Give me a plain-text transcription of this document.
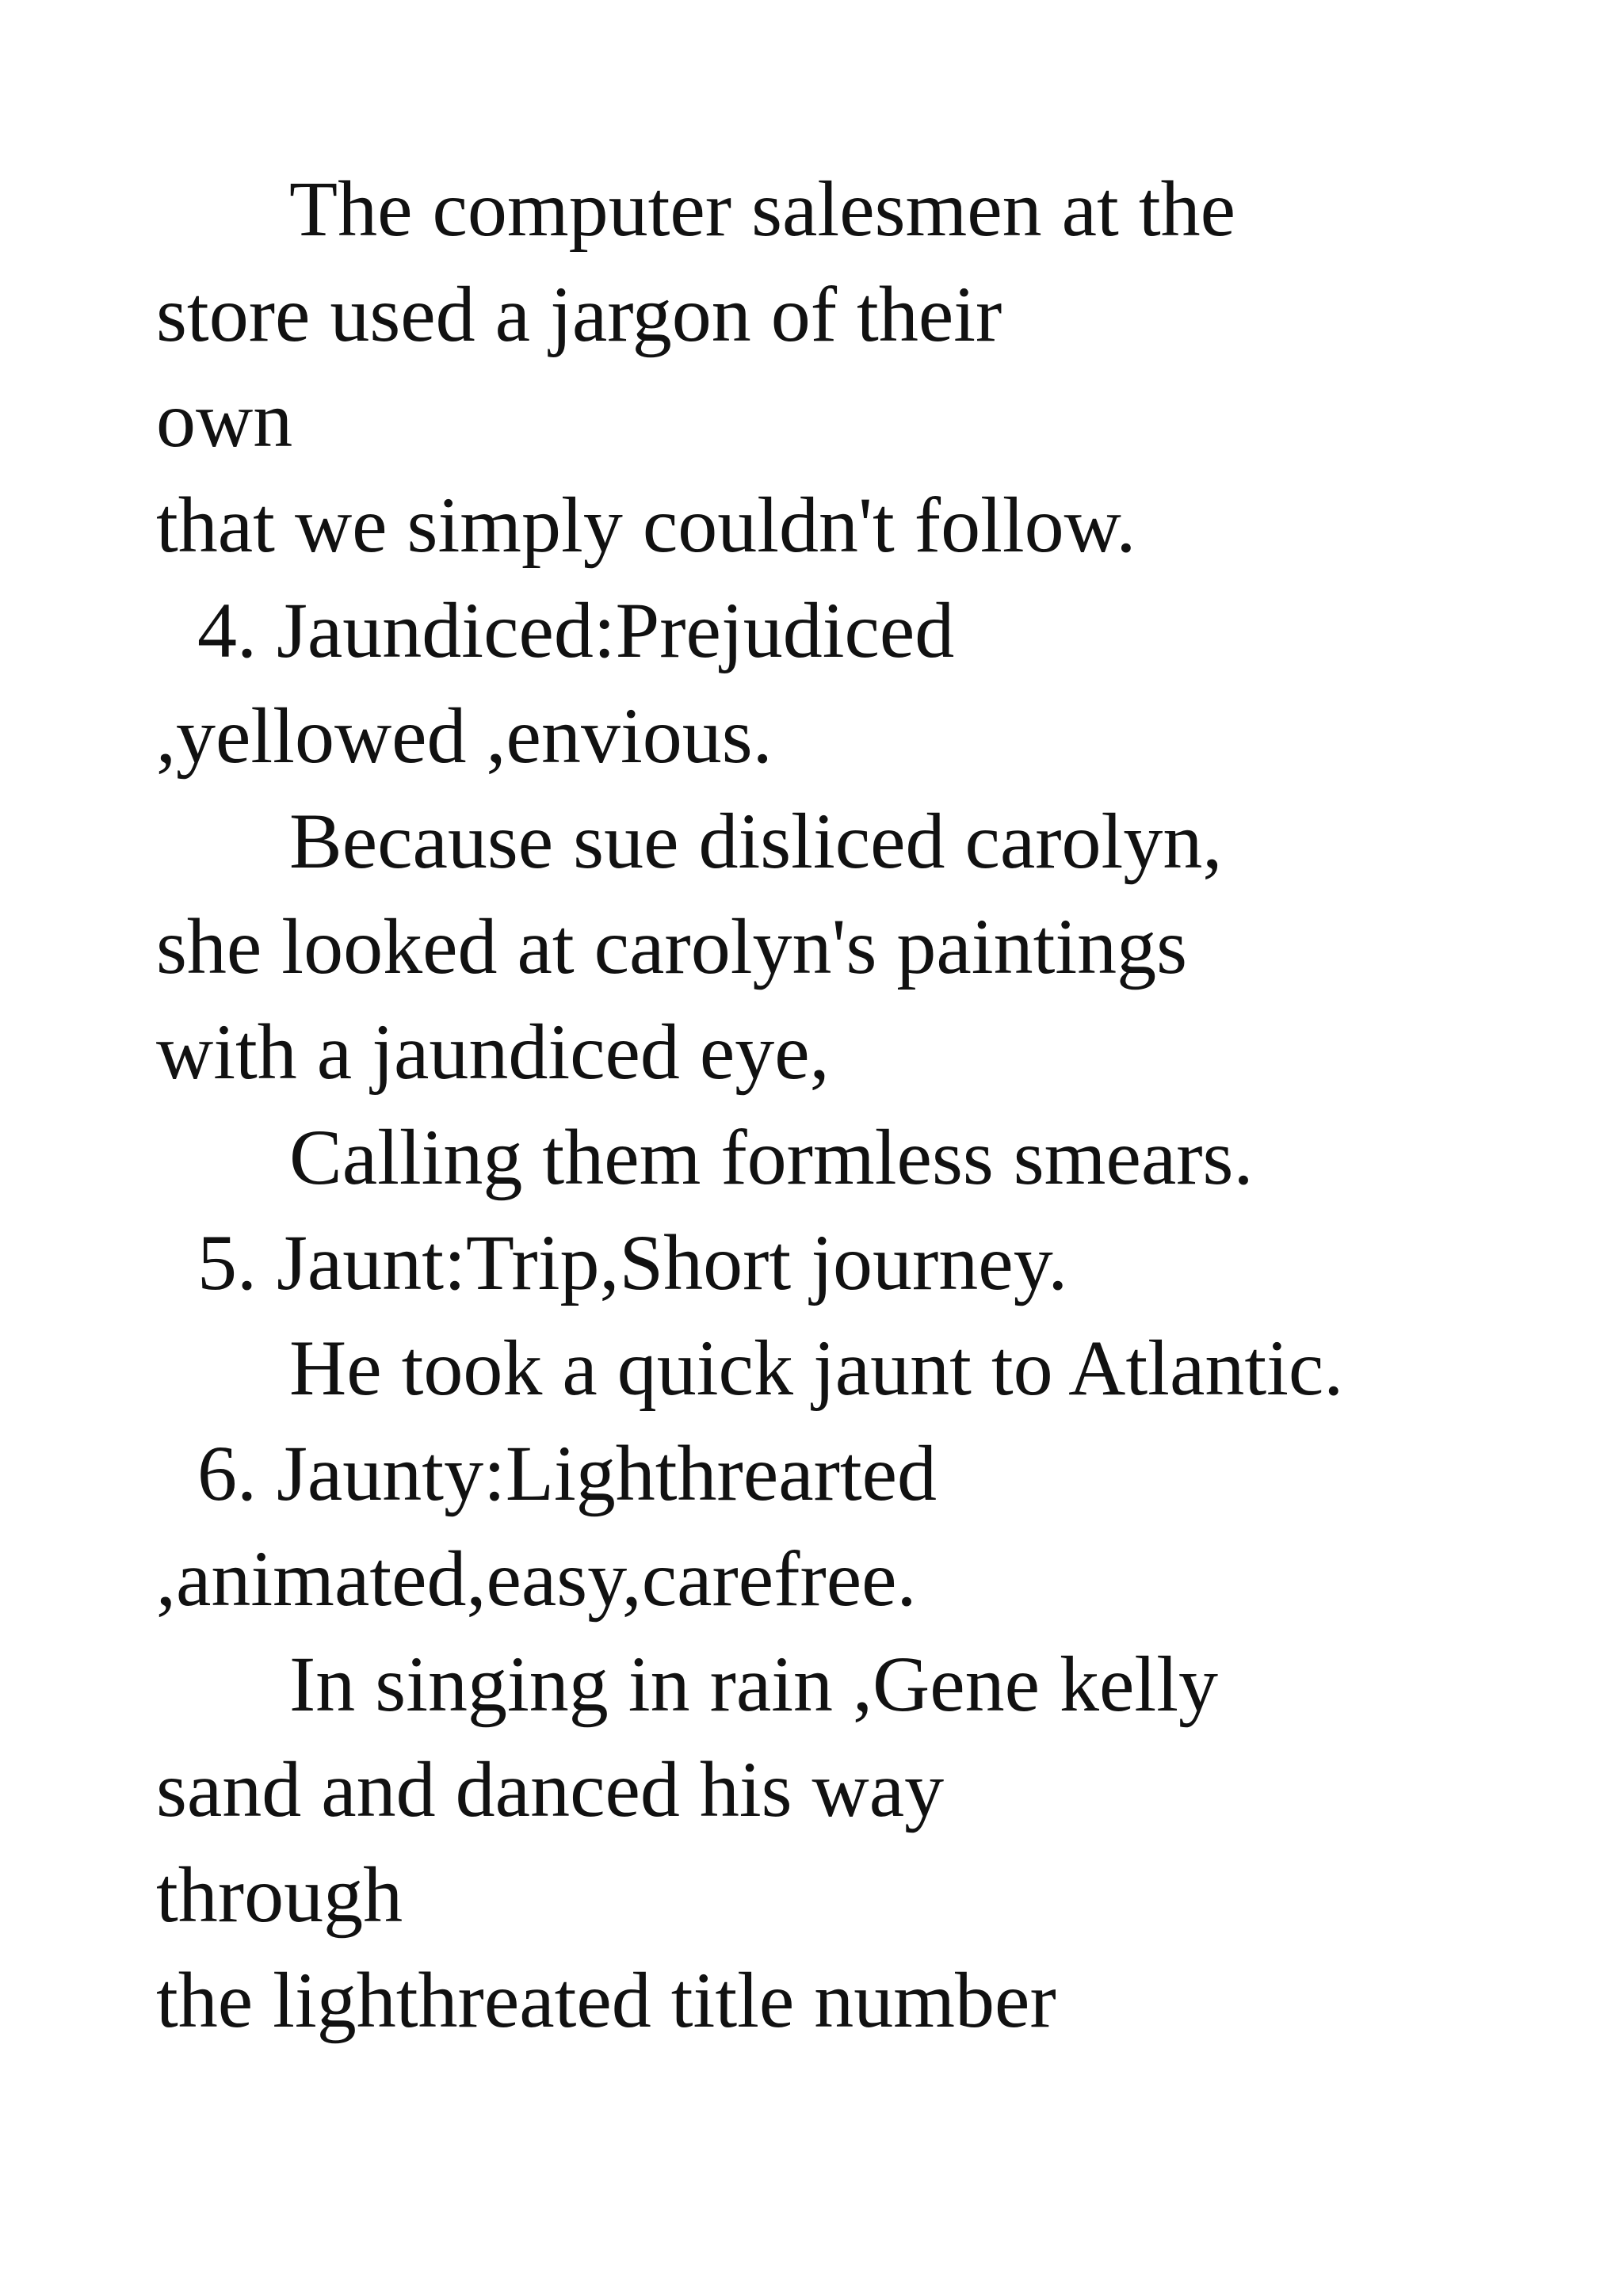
The computer salesmen at the
store used a jargon of their
own
that we simply couldn't follow.
4. Jaundiced:Prejudiced
,yellowed ,envious.
Because sue disliced carolyn,
she looked at carolyn's paintings
with a jaundiced eye,
Calling them formless smears.
5. Jaunt:Trip,Short journey.
He took a quick jaunt to Atlantic.
6. Jaunty:Lighthrearted
,animated,easy,carefree.
In singing in rain ,Gene kelly
sand and danced his way
through
the lighthreated title number
